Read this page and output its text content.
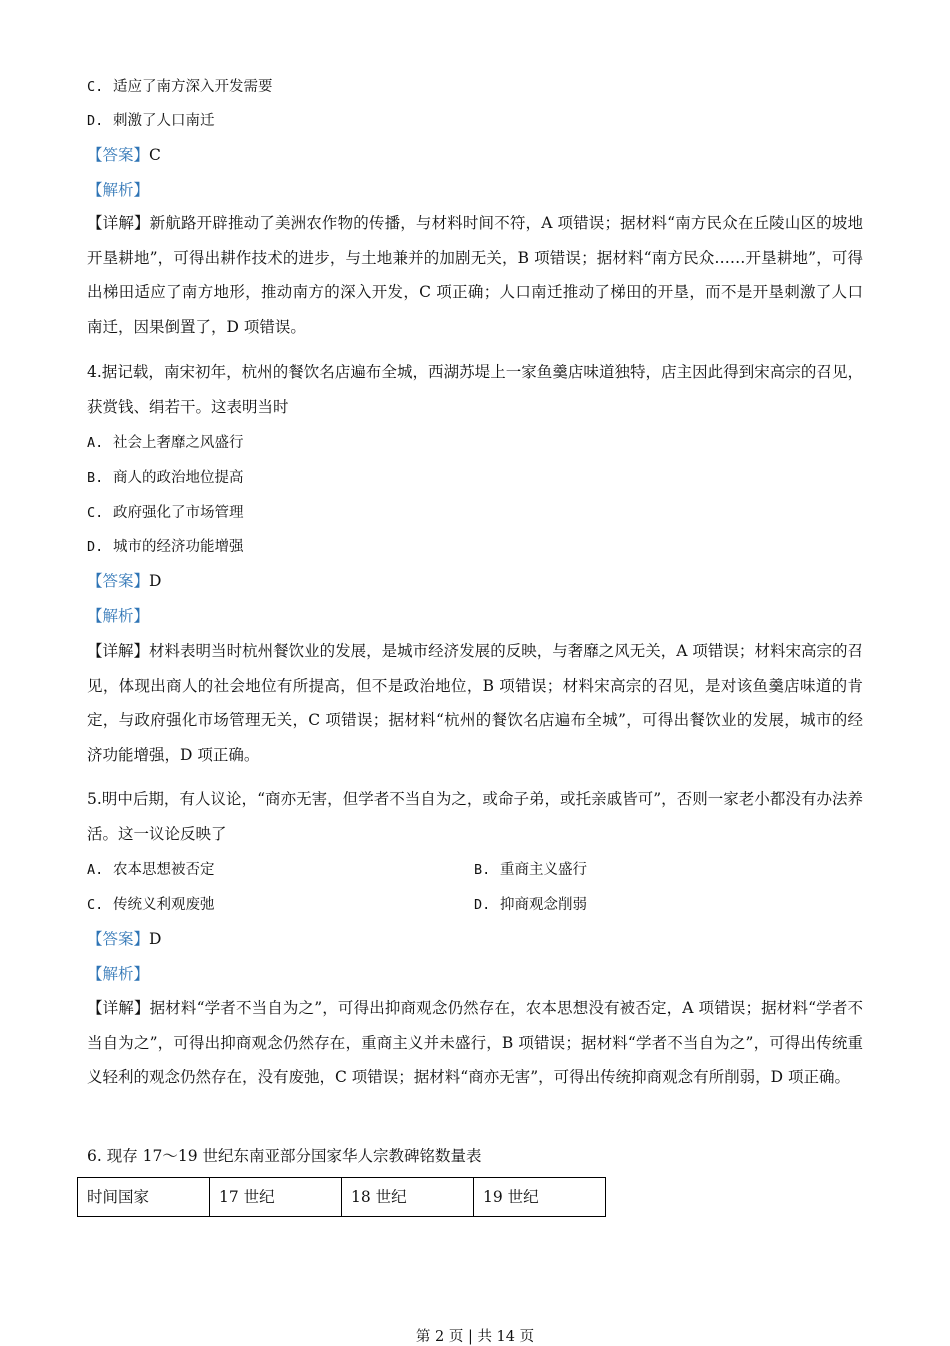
C. 适应了南方深入开发需要
D. 刺激了人口南迁
【答案】C
【解析】
【详解】新航路开辟推动了美洲农作物的传播，与材料时间不符，A 项错误；据材料“南方民众在丘陵山区的坡地开垦耕地”，可得出耕作技术的进步，与土地兼并的加剧无关，B 项错误；据材料“南方民众……开垦耕地”，可得出梯田适应了南方地形，推动南方的深入开发，C 项正确；人口南迁推动了梯田的开垦，而不是开垦刺激了人口南迁，因果倒置了，D 项错误。
4.据记载，南宋初年，杭州的餐饮名店遍布全城，西湖苏堤上一家鱼羹店味道独特，店主因此得到宋高宗的召见，获赏钱、绢若干。这表明当时
A. 社会上奢靡之风盛行
B. 商人的政治地位提高
C. 政府强化了市场管理
D. 城市的经济功能增强
【答案】D
【解析】
【详解】材料表明当时杭州餐饮业的发展，是城市经济发展的反映，与奢靡之风无关，A 项错误；材料宋高宗的召见，体现出商人的社会地位有所提高，但不是政治地位，B 项错误；材料宋高宗的召见，是对该鱼羹店味道的肯定，与政府强化市场管理无关，C 项错误；据材料“杭州的餐饮名店遍布全城”，可得出餐饮业的发展，城市的经济功能增强，D 项正确。
5.明中后期，有人议论，“商亦无害，但学者不当自为之，或命子弟，或托亲戚皆可”，否则一家老小都没有办法养活。这一议论反映了
A. 农本思想被否定	B. 重商主义盛行
C. 传统义利观废弛	D. 抑商观念削弱
【答案】D
【解析】
【详解】据材料“学者不当自为之”，可得出抑商观念仍然存在，农本思想没有被否定，A 项错误；据材料“学者不当自为之”，可得出抑商观念仍然存在，重商主义并未盛行，B 项错误；据材料“学者不当自为之”，可得出传统重义轻利的观念仍然存在，没有废弛，C 项错误；据材料“商亦无害”，可得出传统抑商观念有所削弱，D 项正确。
6. 现存 17～19 世纪东南亚部分国家华人宗教碑铭数量表
时间国家	17 世纪	18 世纪	19 世纪
第 2 页 | 共 14 页
